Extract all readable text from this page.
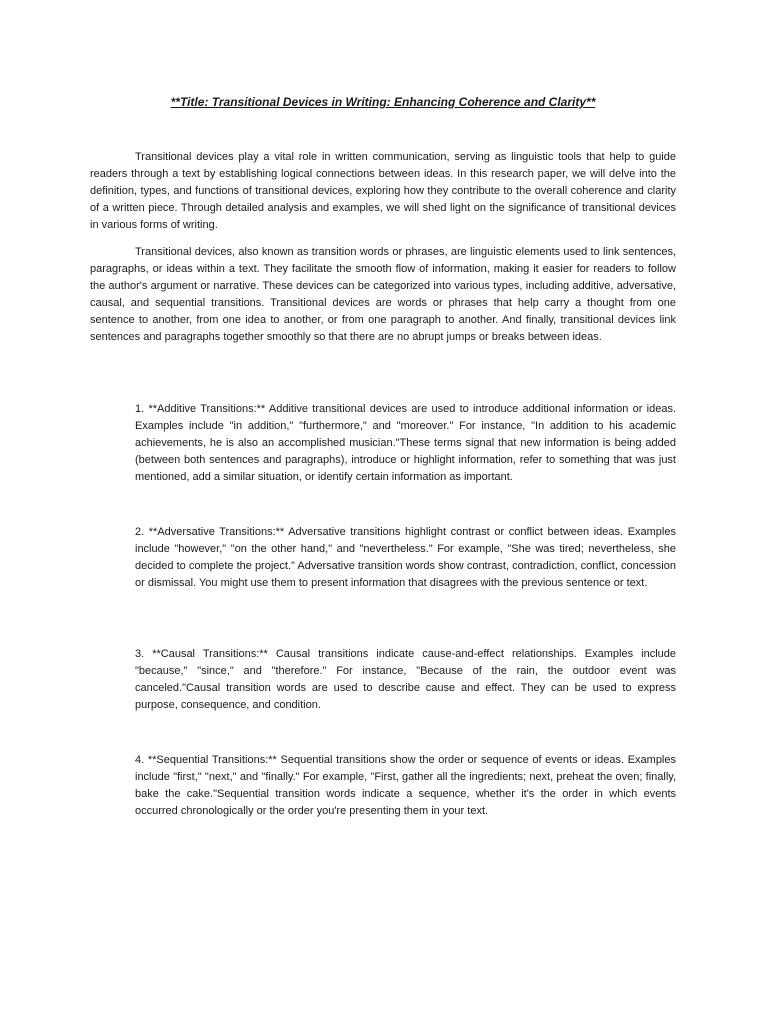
**Title: Transitional Devices in Writing: Enhancing Coherence and Clarity**

Transitional devices play a vital role in written communication, serving as linguistic tools that help to guide readers through a text by establishing logical connections between ideas. In this research paper, we will delve into the definition, types, and functions of transitional devices, exploring how they contribute to the overall coherence and clarity of a written piece. Through detailed analysis and examples, we will shed light on the significance of transitional devices in various forms of writing.

Transitional devices, also known as transition words or phrases, are linguistic elements used to link sentences, paragraphs, or ideas within a text. They facilitate the smooth flow of information, making it easier for readers to follow the author's argument or narrative. These devices can be categorized into various types, including additive, adversative, causal, and sequential transitions. Transitional devices are words or phrases that help carry a thought from one sentence to another, from one idea to another, or from one paragraph to another. And finally, transitional devices link sentences and paragraphs together smoothly so that there are no abrupt jumps or breaks between ideas.

1. **Additive Transitions:** Additive transitional devices are used to introduce additional information or ideas. Examples include "in addition," "furthermore," and "moreover." For instance, "In addition to his academic achievements, he is also an accomplished musician."These terms signal that new information is being added (between both sentences and paragraphs), introduce or highlight information, refer to something that was just mentioned, add a similar situation, or identify certain information as important.

2. **Adversative Transitions:** Adversative transitions highlight contrast or conflict between ideas. Examples include "however," "on the other hand," and "nevertheless." For example, "She was tired; nevertheless, she decided to complete the project." Adversative transition words show contrast, contradiction, conflict, concession or dismissal. You might use them to present information that disagrees with the previous sentence or text.

3. **Causal Transitions:** Causal transitions indicate cause-and-effect relationships. Examples include "because," "since," and "therefore." For instance, "Because of the rain, the outdoor event was canceled."Causal transition words are used to describe cause and effect. They can be used to express purpose, consequence, and condition.

4. **Sequential Transitions:** Sequential transitions show the order or sequence of events or ideas. Examples include "first," "next," and "finally." For example, "First, gather all the ingredients; next, preheat the oven; finally, bake the cake."Sequential transition words indicate a sequence, whether it's the order in which events occurred chronologically or the order you're presenting them in your text.
